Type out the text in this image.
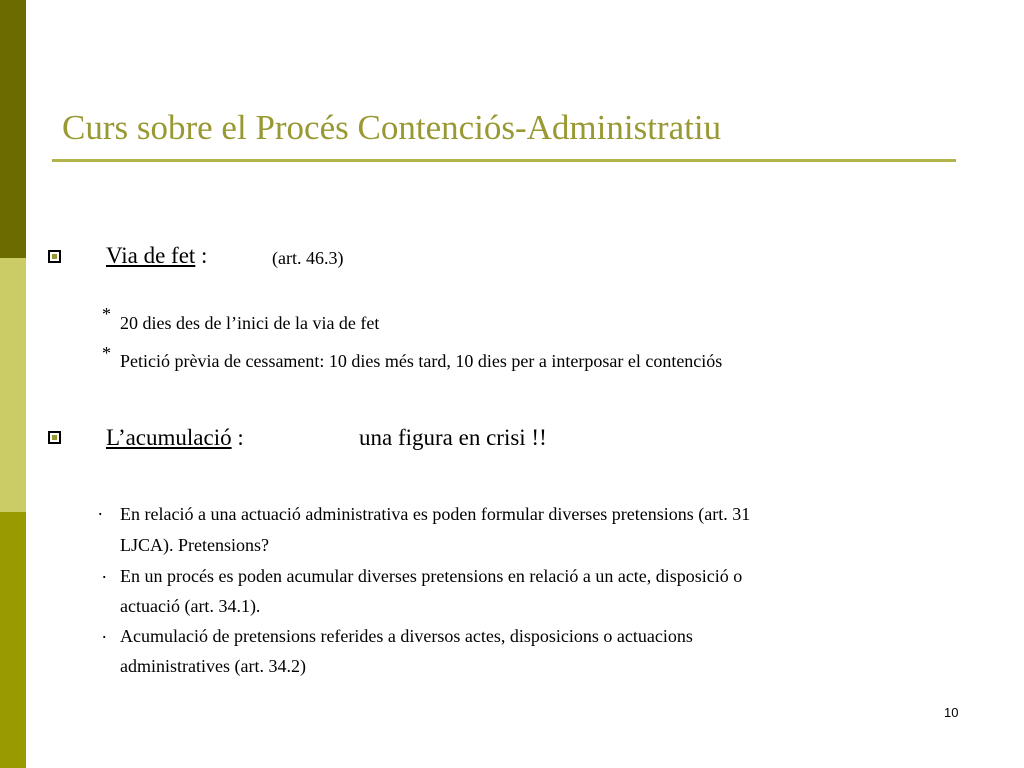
Curs sobre el Procés Contenciós-Administratiu
Via de fet :	(art. 46.3)
* 20 dies des de l’inici de la via de fet
* Petició prèvia de cessament: 10 dies més tard, 10 dies per a interposar el contenciós
L’acumulació :	una figura en crisi !!
. En relació a una actuació administrativa es poden formular diverses pretensions (art. 31
LJCA). Pretensions?
. En un procés es poden acumular diverses pretensions en relació a un acte, disposició o
actuació (art. 34.1).
. Acumulació de pretensions referides a diversos actes, disposicions o actuacions
administratives (art. 34.2)
10
